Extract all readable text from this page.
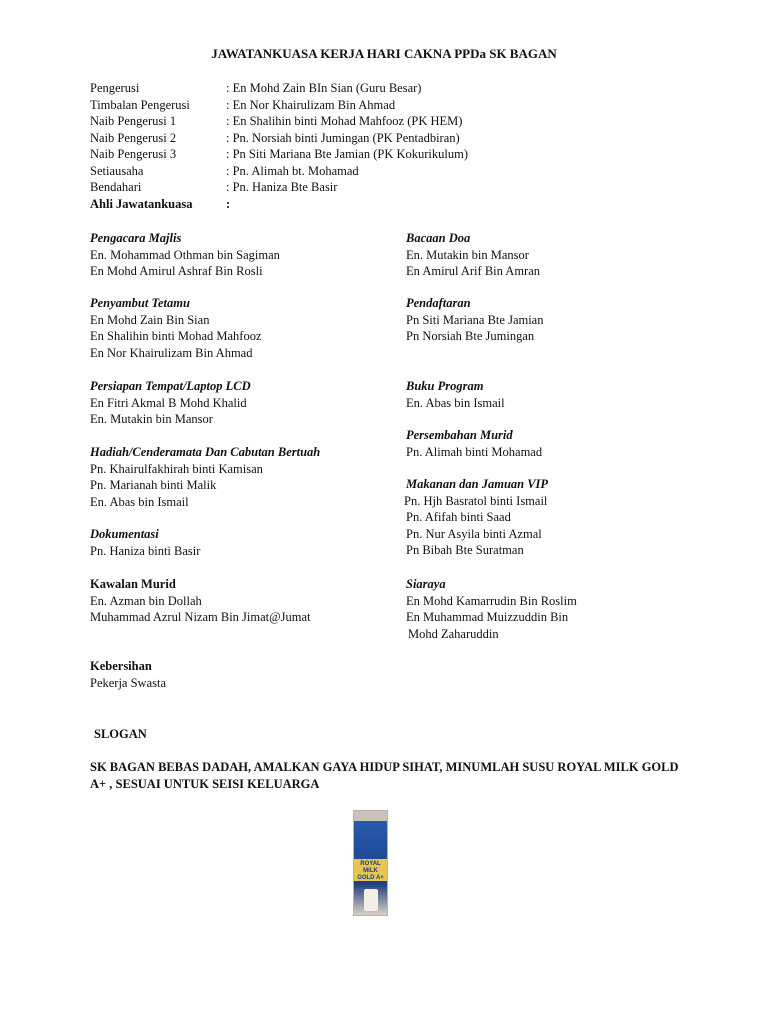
JAWATANKUASA KERJA HARI CAKNA PPDa SK BAGAN
Pengerusi	: En Mohd Zain BIn Sian (Guru Besar)
Timbalan Pengerusi	: En Nor Khairulizam Bin Ahmad
Naib Pengerusi 1	: En Shalihin binti Mohad Mahfooz (PK HEM)
Naib Pengerusi 2	: Pn. Norsiah binti Jumingan (PK Pentadbiran)
Naib Pengerusi 3	: Pn Siti Mariana Bte Jamian (PK Kokurikulum)
Setiausaha	: Pn. Alimah bt. Mohamad
Bendahari	: Pn. Haniza Bte Basir
Ahli Jawatankuasa	:
Pengacara Majlis
En. Mohammad Othman bin Sagiman
En Mohd Amirul Ashraf Bin Rosli
Penyambut Tetamu
En Mohd Zain Bin Sian
En Shalihin binti Mohad Mahfooz
En Nor Khairulizam Bin Ahmad
Persiapan Tempat/Laptop LCD
En Fitri Akmal B Mohd Khalid
En. Mutakin bin Mansor
Hadiah/Cenderamata Dan Cabutan Bertuah
Pn. Khairulfakhirah binti Kamisan
Pn. Marianah binti Malik
En. Abas bin Ismail
Dokumentasi
Pn. Haniza binti Basir
Kawalan Murid
En. Azman bin Dollah
Muhammad Azrul Nizam Bin Jimat@Jumat
Kebersihan
Pekerja Swasta
Bacaan Doa
En. Mutakin bin Mansor
En Amirul Arif Bin Amran
Pendaftaran
Pn Siti Mariana Bte Jamian
Pn Norsiah Bte Jumingan
Buku Program
En. Abas bin Ismail
Persembahan Murid
Pn. Alimah binti Mohamad
Makanan dan Jamuan VIP
Pn. Hjh Basratol binti Ismail
Pn. Afifah binti Saad
Pn. Nur Asyila binti Azmal
Pn Bibah Bte Suratman
Siaraya
En Mohd Kamarrudin Bin Roslim
En Muhammad Muizzuddin Bin
Mohd Zaharuddin
SLOGAN
SK BAGAN BEBAS DADAH, AMALKAN GAYA HIDUP SIHAT, MINUMLAH SUSU ROYAL MILK GOLD A+ , SESUAI UNTUK SEISI KELUARGA
ROYAL MILK GOLD A+
